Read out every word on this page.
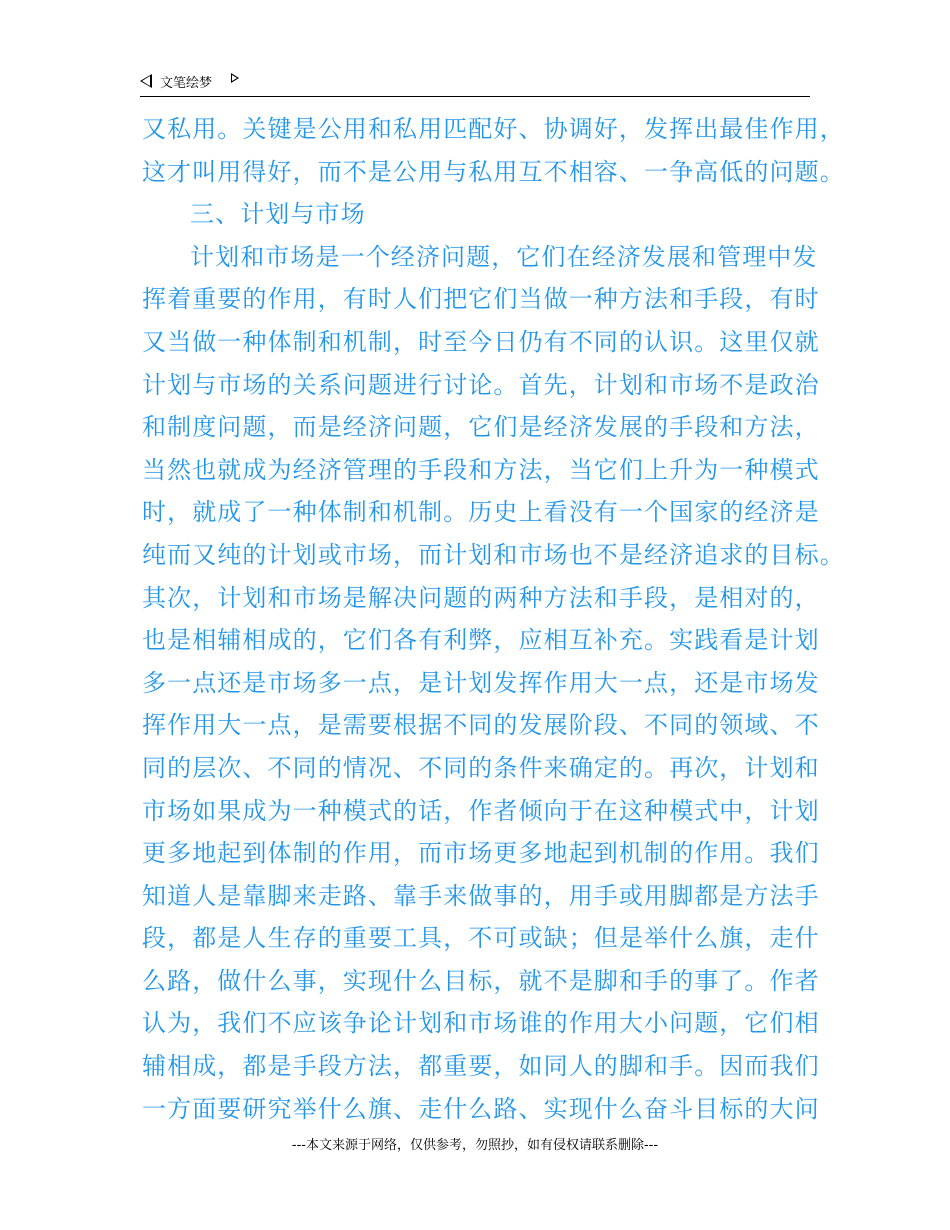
文笔绘梦
又私用。关键是公用和私用匹配好、协调好，发挥出最佳作用，
这才叫用得好，而不是公用与私用互不相容、一争高低的问题。
三、计划与市场
计划和市场是一个经济问题，它们在经济发展和管理中发
挥着重要的作用，有时人们把它们当做一种方法和手段，有时
又当做一种体制和机制，时至今日仍有不同的认识。这里仅就
计划与市场的关系问题进行讨论。首先，计划和市场不是政治
和制度问题，而是经济问题，它们是经济发展的手段和方法，
当然也就成为经济管理的手段和方法，当它们上升为一种模式
时，就成了一种体制和机制。历史上看没有一个国家的经济是
纯而又纯的计划或市场，而计划和市场也不是经济追求的目标。
其次，计划和市场是解决问题的两种方法和手段，是相对的，
也是相辅相成的，它们各有利弊，应相互补充。实践看是计划
多一点还是市场多一点，是计划发挥作用大一点，还是市场发
挥作用大一点，是需要根据不同的发展阶段、不同的领域、不
同的层次、不同的情况、不同的条件来确定的。再次，计划和
市场如果成为一种模式的话，作者倾向于在这种模式中，计划
更多地起到体制的作用，而市场更多地起到机制的作用。我们
知道人是靠脚来走路、靠手来做事的，用手或用脚都是方法手
段，都是人生存的重要工具，不可或缺；但是举什么旗，走什
么路，做什么事，实现什么目标，就不是脚和手的事了。作者
认为，我们不应该争论计划和市场谁的作用大小问题，它们相
辅相成，都是手段方法，都重要，如同人的脚和手。因而我们
一方面要研究举什么旗、走什么路、实现什么奋斗目标的大问
---本文来源于网络，仅供参考，勿照抄，如有侵权请联系删除---
